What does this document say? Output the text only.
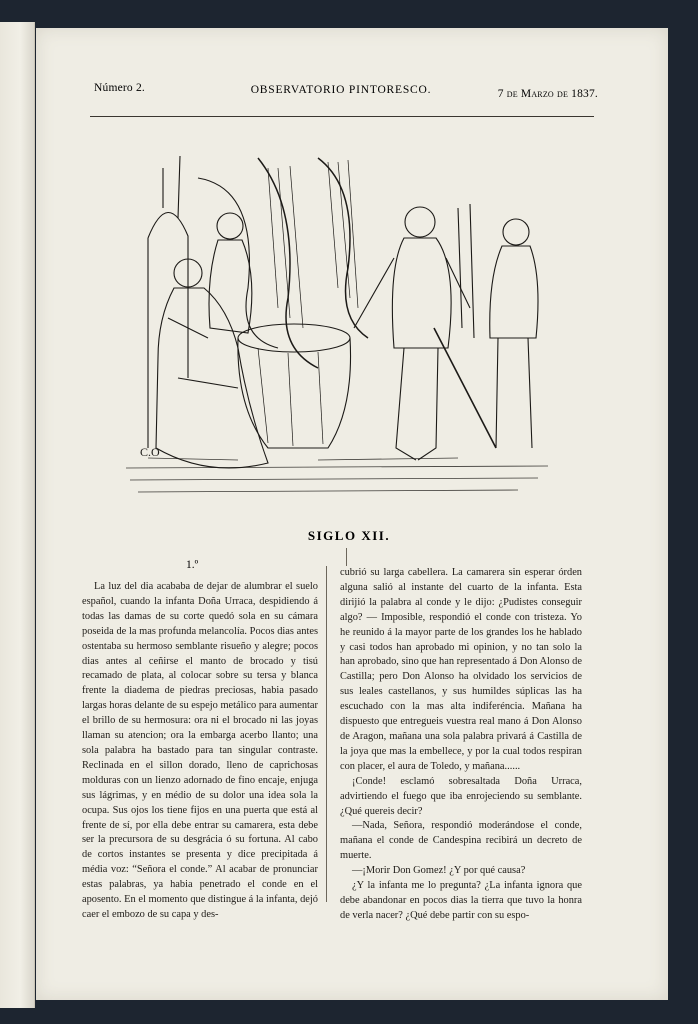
Número 2.	OBSERVATORIO PINTORESCO.	7 de Marzo de 1837.
C.O
SIGLO XII.
1.º

La luz del dia acababa de dejar de alumbrar el suelo español, cuando la infanta Doña Urraca, despidiendo á todas las damas de su corte quedó sola en su cámara poseida de la mas profunda melancolía. Pocos dias antes ostentaba su hermoso semblante risueño y alegre; pocos dias antes al ceñirse el manto de brocado y tisú recamado de plata, al colocar sobre su tersa y blanca frente la diadema de piedras preciosas, habia pasado largas horas delante de su espejo metálico para aumentar el brillo de su hermosura: ora ni el brocado ni las joyas llaman su atencion; ora la embarga acerbo llanto; una sola palabra ha bastado para tan singular contraste. Reclinada en el sillon dorado, lleno de caprichosas molduras con un lienzo adornado de fino encaje, enjuga sus lágrimas, y en médio de su dolor una idea sola la ocupa. Sus ojos los tiene fijos en una puerta que está al frente de sí, por ella debe entrar su camarera, esta debe ser la precursora de su desgrácia ó su fortuna. Al cabo de cortos instantes se presenta y dice precipitada á média voz: “Señora el conde.” Al acabar de pronunciar estas palabras, ya habia penetrado el conde en el aposento. En el momento que distingue á la infanta, dejó caer el embozo de su capa y des-

cubrió su larga cabellera. La camarera sin esperar órden alguna salió al instante del cuarto de la infanta. Esta dirijió la palabra al conde y le dijo: ¿Pudistes conseguir algo? — Imposible, respondió el conde con tristeza. Yo he reunido á la mayor parte de los grandes los he hablado y casi todos han aprobado mi opinion, y no tan solo la han aprobado, sino que han representado á Don Alonso de Castilla; pero Don Alonso ha olvidado los servicios de sus leales castellanos, y sus humildes súplicas las ha escuchado con la mas alta indiferéncia. Mañana ha dispuesto que entregueis vuestra real mano á Don Alonso de Aragon, mañana una sola palabra privará á Castilla de la joya que mas la embellece, y por la cual todos respiran con placer, el aura de Toledo, y mañana......

¡Conde! esclamó sobresaltada Doña Urraca, advirtiendo el fuego que iba enrojeciendo su semblante. ¿Qué quereis decir?

—Nada, Señora, respondió moderándose el conde, mañana el conde de Candespina recibirá un decreto de muerte.

—¡Morir Don Gomez! ¿Y por qué causa?

¿Y la infanta me lo pregunta? ¿La infanta ignora que debe abandonar en pocos dias la tierra que tuvo la honra de verla nacer? ¿Qué debe partir con su espo-
